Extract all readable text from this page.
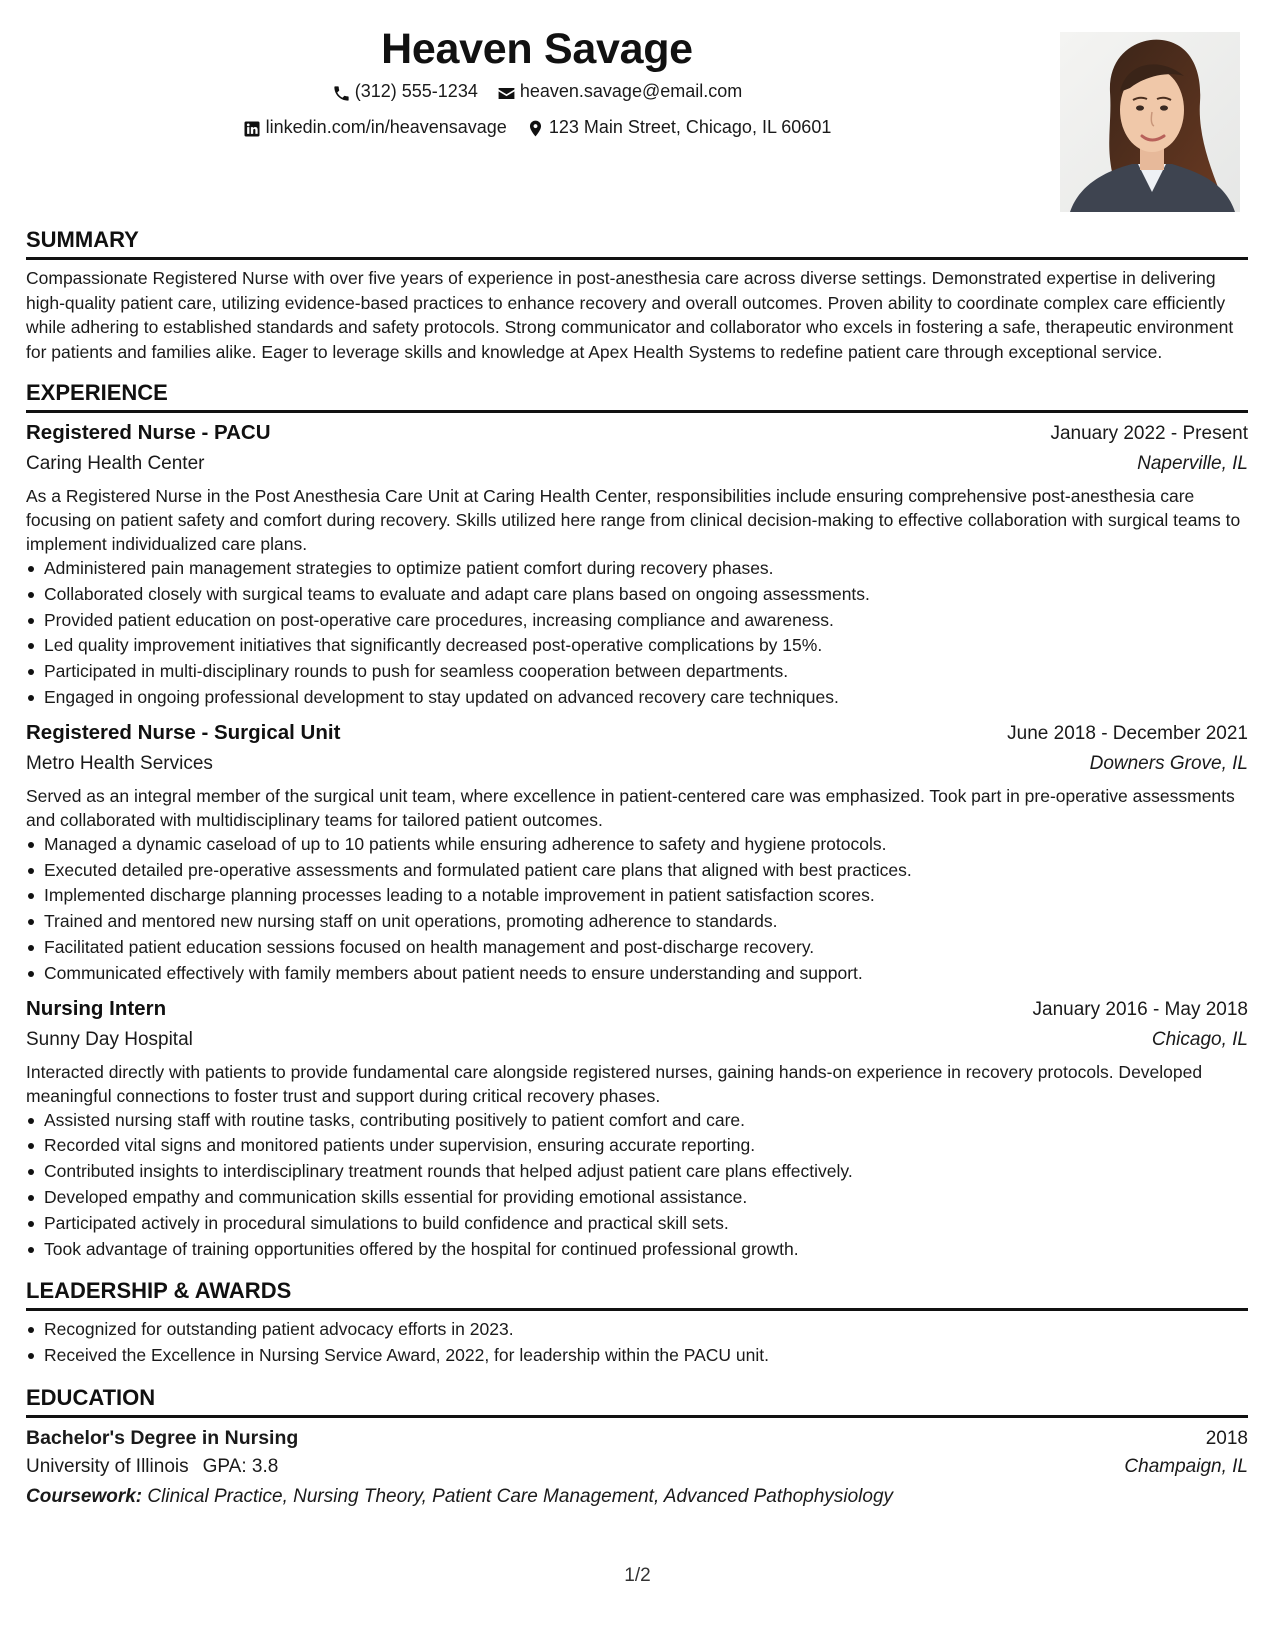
Heaven Savage
(312) 555-1234
heaven.savage@email.com
linkedin.com/in/heavensavage
123 Main Street, Chicago, IL 60601
SUMMARY
Compassionate Registered Nurse with over five years of experience in post-anesthesia care across diverse settings. Demonstrated expertise in delivering high-quality patient care, utilizing evidence-based practices to enhance recovery and overall outcomes. Proven ability to coordinate complex care efficiently while adhering to established standards and safety protocols. Strong communicator and collaborator who excels in fostering a safe, therapeutic environment for patients and families alike. Eager to leverage skills and knowledge at Apex Health Systems to redefine patient care through exceptional service.
EXPERIENCE
Registered Nurse - PACU	January 2022 - Present
Caring Health Center	Naperville, IL
As a Registered Nurse in the Post Anesthesia Care Unit at Caring Health Center, responsibilities include ensuring comprehensive post-anesthesia care focusing on patient safety and comfort during recovery. Skills utilized here range from clinical decision-making to effective collaboration with surgical teams to implement individualized care plans.
Administered pain management strategies to optimize patient comfort during recovery phases.
Collaborated closely with surgical teams to evaluate and adapt care plans based on ongoing assessments.
Provided patient education on post-operative care procedures, increasing compliance and awareness.
Led quality improvement initiatives that significantly decreased post-operative complications by 15%.
Participated in multi-disciplinary rounds to push for seamless cooperation between departments.
Engaged in ongoing professional development to stay updated on advanced recovery care techniques.
Registered Nurse - Surgical Unit	June 2018 - December 2021
Metro Health Services	Downers Grove, IL
Served as an integral member of the surgical unit team, where excellence in patient-centered care was emphasized. Took part in pre-operative assessments and collaborated with multidisciplinary teams for tailored patient outcomes.
Managed a dynamic caseload of up to 10 patients while ensuring adherence to safety and hygiene protocols.
Executed detailed pre-operative assessments and formulated patient care plans that aligned with best practices.
Implemented discharge planning processes leading to a notable improvement in patient satisfaction scores.
Trained and mentored new nursing staff on unit operations, promoting adherence to standards.
Facilitated patient education sessions focused on health management and post-discharge recovery.
Communicated effectively with family members about patient needs to ensure understanding and support.
Nursing Intern	January 2016 - May 2018
Sunny Day Hospital	Chicago, IL
Interacted directly with patients to provide fundamental care alongside registered nurses, gaining hands-on experience in recovery protocols. Developed meaningful connections to foster trust and support during critical recovery phases.
Assisted nursing staff with routine tasks, contributing positively to patient comfort and care.
Recorded vital signs and monitored patients under supervision, ensuring accurate reporting.
Contributed insights to interdisciplinary treatment rounds that helped adjust patient care plans effectively.
Developed empathy and communication skills essential for providing emotional assistance.
Participated actively in procedural simulations to build confidence and practical skill sets.
Took advantage of training opportunities offered by the hospital for continued professional growth.
LEADERSHIP & AWARDS
Recognized for outstanding patient advocacy efforts in 2023.
Received the Excellence in Nursing Service Award, 2022, for leadership within the PACU unit.
EDUCATION
Bachelor's Degree in Nursing	2018
University of Illinois GPA: 3.8	Champaign, IL
Coursework: Clinical Practice, Nursing Theory, Patient Care Management, Advanced Pathophysiology
1/2
